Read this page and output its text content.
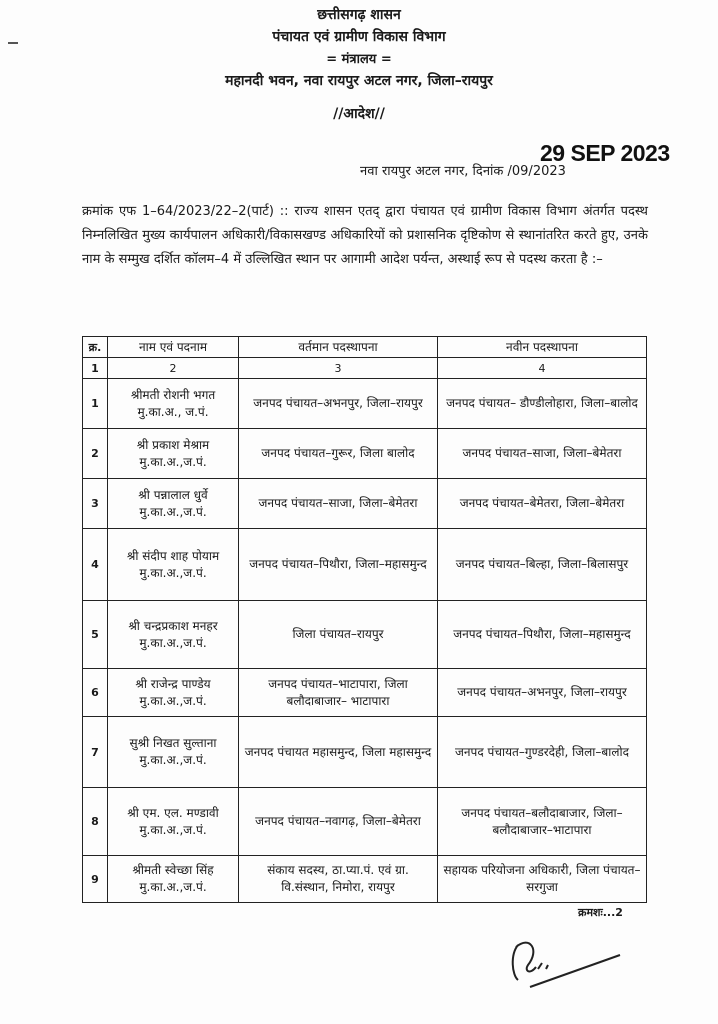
छत्तीसगढ़ शासन
पंचायत एवं ग्रामीण विकास विभाग
= मंत्रालय =
महानदी भवन, नवा रायपुर अटल नगर, जिला–रायपुर
//आदेश//
नवा रायपुर अटल नगर, दिनांक /09/2023
29 SEP 2023
क्रमांक एफ 1–64/2023/22–2(पार्ट) :: राज्य शासन एतद् द्वारा पंचायत एवं ग्रामीण विकास विभाग अंतर्गत पदस्थ निम्नलिखित मुख्य कार्यपालन अधिकारी/विकासखण्ड अधिकारियों को प्रशासनिक दृष्टिकोण से स्थानांतरित करते हुए, उनके नाम के सम्मुख दर्शित कॉलम–4 में उल्लिखित स्थान पर आगामी आदेश पर्यन्त, अस्थाई रूप से पदस्थ करता है :–
क्र.	नाम एवं पदनाम	वर्तमान पदस्थापना	नवीन पदस्थापना
1	2	3	4
1	श्रीमती रोशनी भगत मु.का.अ., ज.पं.	जनपद पंचायत–अभनपुर, जिला–रायपुर	जनपद पंचायत– डौण्डीलोहारा, जिला–बालोद
2	श्री प्रकाश मेश्राम मु.का.अ.,ज.पं.	जनपद पंचायत–गुरूर, जिला बालोद	जनपद पंचायत–साजा, जिला–बेमेतरा
3	श्री पन्नालाल धुर्वे मु.का.अ.,ज.पं.	जनपद पंचायत–साजा, जिला–बेमेतरा	जनपद पंचायत–बेमेतरा, जिला–बेमेतरा
4	श्री संदीप शाह पोयाम मु.का.अ.,ज.पं.	जनपद पंचायत–पिथौरा, जिला–महासमुन्द	जनपद पंचायत–बिल्हा, जिला–बिलासपुर
5	श्री चन्द्रप्रकाश मनहर मु.का.अ.,ज.पं.	जिला पंचायत–रायपुर	जनपद पंचायत–पिथौरा, जिला–महासमुन्द
6	श्री राजेन्द्र पाण्डेय मु.का.अ.,ज.पं.	जनपद पंचायत–भाटापारा, जिला बलौदाबाजार– भाटापारा	जनपद पंचायत–अभनपुर, जिला–रायपुर
7	सुश्री निखत सुल्ताना मु.का.अ.,ज.पं.	जनपद पंचायत महासमुन्द, जिला महासमुन्द	जनपद पंचायत–गुण्डरदेही, जिला–बालोद
8	श्री एम. एल. मण्डावी मु.का.अ.,ज.पं.	जनपद पंचायत–नवागढ़, जिला–बेमेतरा	जनपद पंचायत–बलौदाबाजार, जिला–बलौदाबाजार–भाटापारा
9	श्रीमती स्वेच्छा सिंह मु.का.अ.,ज.पं.	संकाय सदस्य, ठा.प्या.पं. एवं ग्रा. वि.संस्थान, निमोरा, रायपुर	सहायक परियोजना अधिकारी, जिला पंचायत–सरगुजा
क्रमशः...2
